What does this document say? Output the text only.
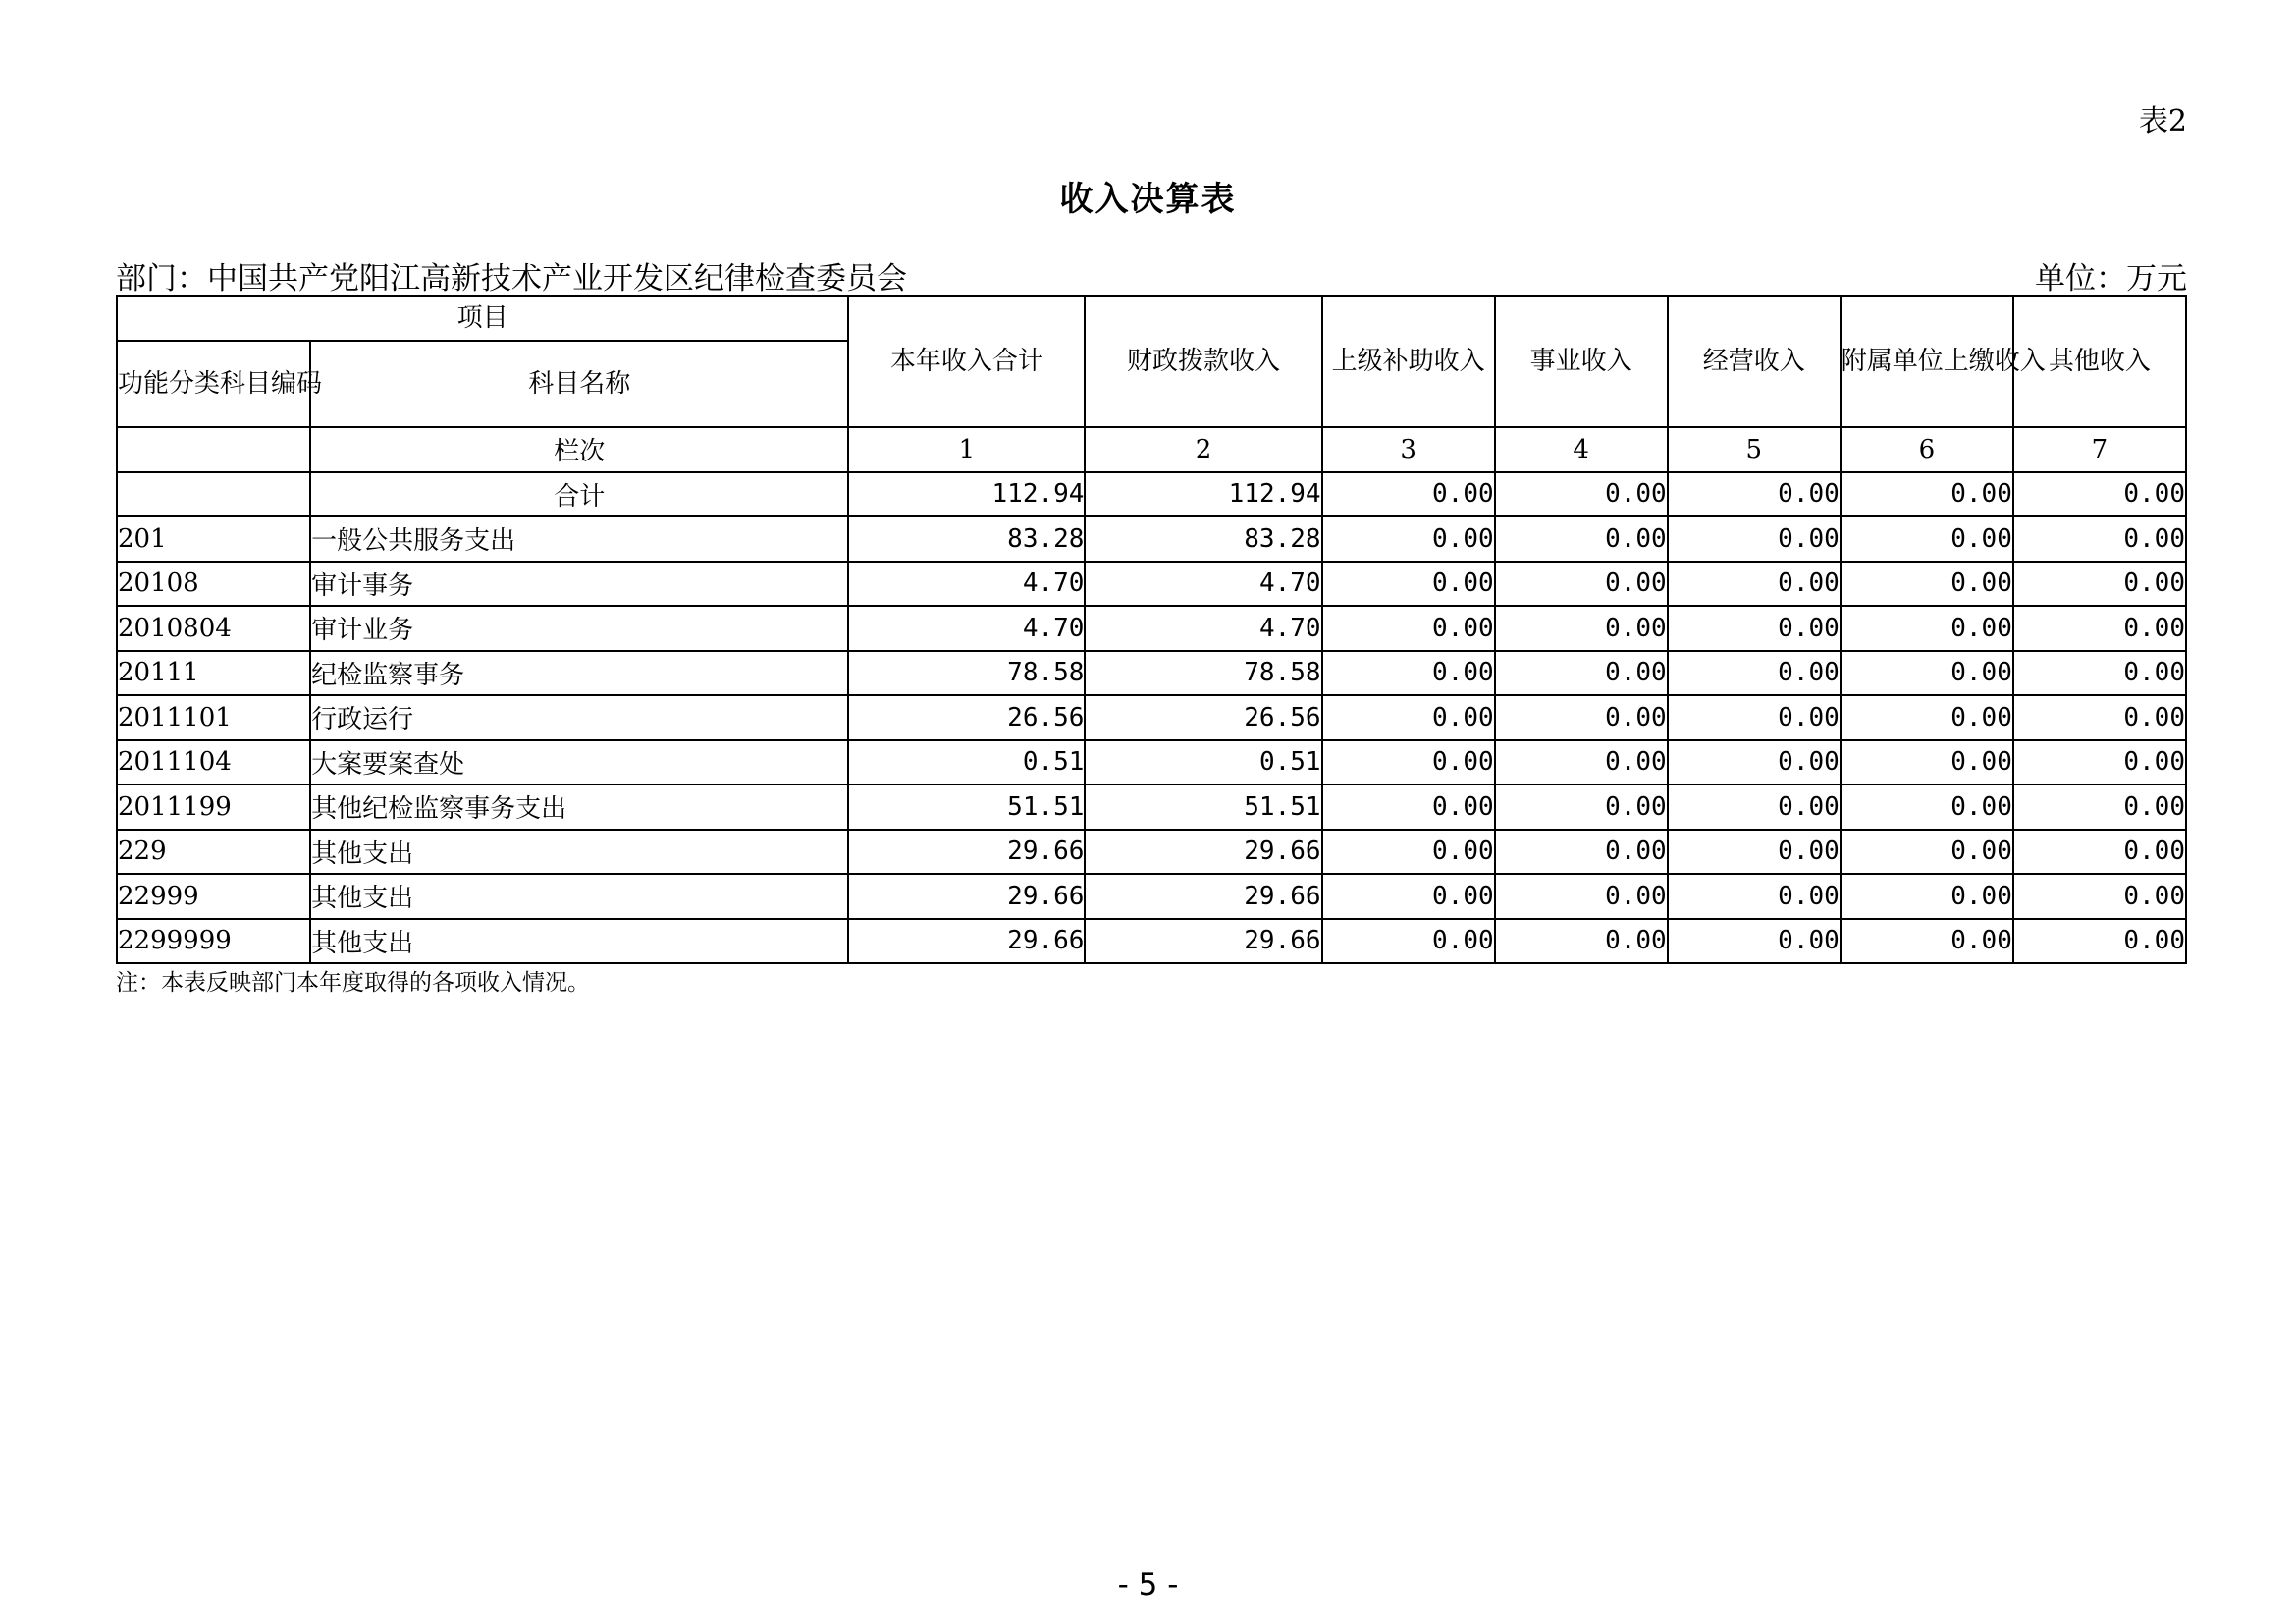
表2
收入决算表
部门：中国共产党阳江高新技术产业开发区纪律检查委员会	单位：万元
项目		本年收入合计	财政拨款收入	上级补助收入	事业收入	经营收入	附属单位上缴收入	其他收入
功能分类科目编码	科目名称							
	栏次	1	2	3	4	5	6	7
	合计	112.94	112.94	0.00	0.00	0.00	0.00	0.00
201	一般公共服务支出	83.28	83.28	0.00	0.00	0.00	0.00	0.00
20108	审计事务	4.70	4.70	0.00	0.00	0.00	0.00	0.00
2010804	审计业务	4.70	4.70	0.00	0.00	0.00	0.00	0.00
20111	纪检监察事务	78.58	78.58	0.00	0.00	0.00	0.00	0.00
2011101	行政运行	26.56	26.56	0.00	0.00	0.00	0.00	0.00
2011104	大案要案查处	0.51	0.51	0.00	0.00	0.00	0.00	0.00
2011199	其他纪检监察事务支出	51.51	51.51	0.00	0.00	0.00	0.00	0.00
229	其他支出	29.66	29.66	0.00	0.00	0.00	0.00	0.00
22999	其他支出	29.66	29.66	0.00	0.00	0.00	0.00	0.00
2299999	其他支出	29.66	29.66	0.00	0.00	0.00	0.00	0.00
注：本表反映部门本年度取得的各项收入情况。
- 5 -
